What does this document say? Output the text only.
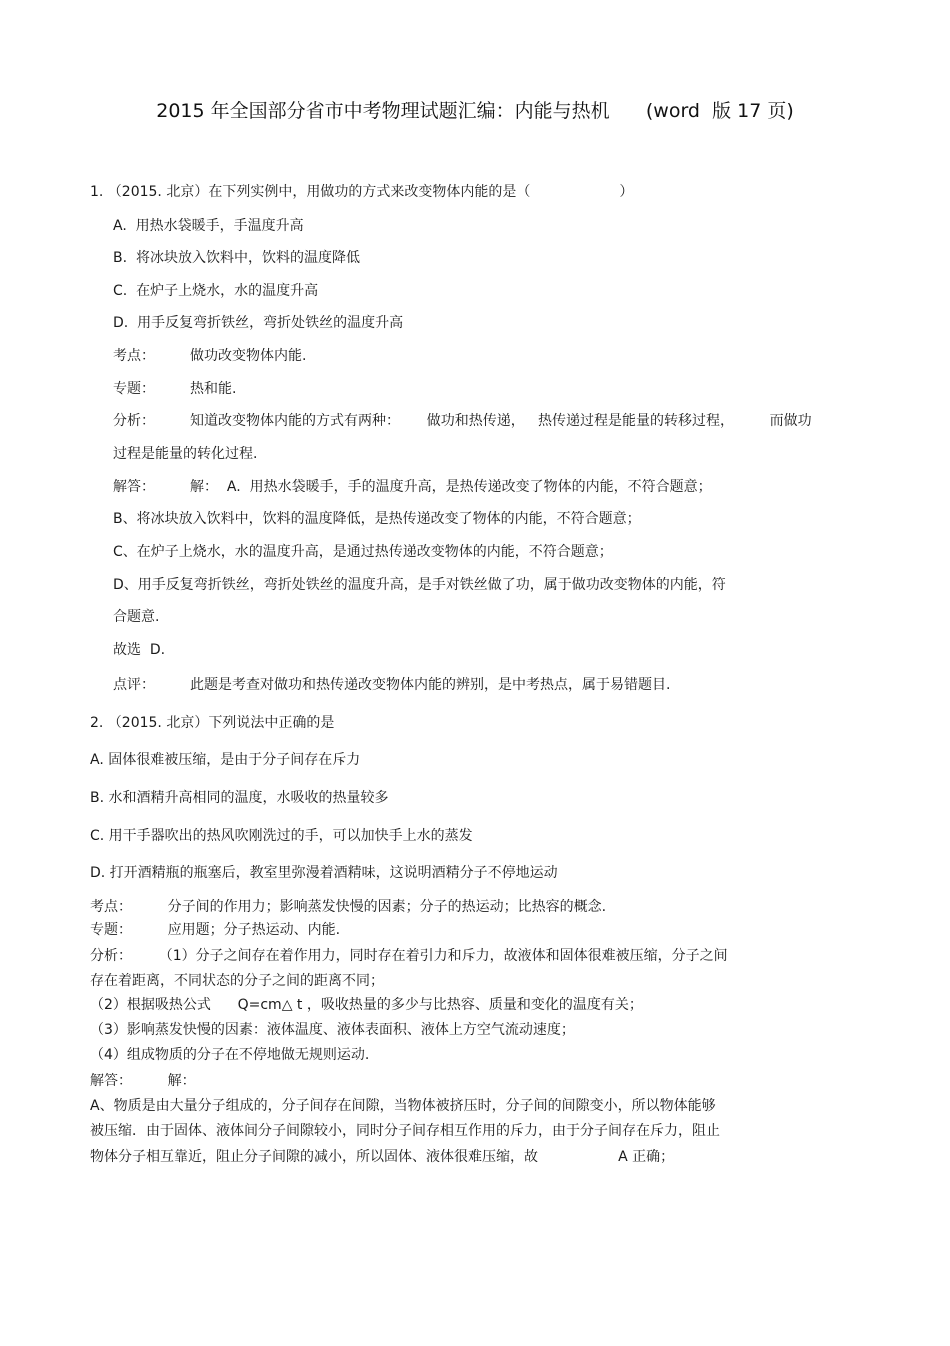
2015 年全国部分省市中考物理试题汇编：内能与热机      (word  版 17 页)
1. （2015. 北京）在下列实例中，用做功的方式来改变物体内能的是（                    ）
A.  用热水袋暖手，手温度升高
B.  将冰块放入饮料中，饮料的温度降低
C.  在炉子上烧水，水的温度升高
D.  用手反复弯折铁丝，弯折处铁丝的温度升高
考点：	做功改变物体内能.
专题：	热和能.
分析：	知道改变物体内能的方式有两种：      做功和热传递，   热传递过程是能量的转移过程，        而做功
过程是能量的转化过程.
解答：	解：  A.  用热水袋暖手，手的温度升高，是热传递改变了物体的内能，不符合题意；
B、将冰块放入饮料中，饮料的温度降低，是热传递改变了物体的内能，不符合题意；
C、在炉子上烧水，水的温度升高，是通过热传递改变物体的内能，不符合题意；
D、用手反复弯折铁丝，弯折处铁丝的温度升高，是手对铁丝做了功，属于做功改变物体的内能，符
合题意.
故选  D.
点评：	此题是考查对做功和热传递改变物体内能的辨别，是中考热点，属于易错题目.
2. （2015. 北京）下列说法中正确的是
A. 固体很难被压缩，是由于分子间存在斥力
B. 水和酒精升高相同的温度，水吸收的热量较多
C. 用干手器吹出的热风吹刚洗过的手，可以加快手上水的蒸发
D. 打开酒精瓶的瓶塞后，教室里弥漫着酒精味，这说明酒精分子不停地运动
考点：        分子间的作用力；影响蒸发快慢的因素；分子的热运动；比热容的概念.
专题：        应用题；分子热运动、内能.
分析：      （1）分子之间存在着作用力，同时存在着引力和斥力，故液体和固体很难被压缩，分子之间
存在着距离，不同状态的分子之间的距离不同；
（2）根据吸热公式      Q=cm△ t ，吸收热量的多少与比热容、质量和变化的温度有关；
（3）影响蒸发快慢的因素：液体温度、液体表面积、液体上方空气流动速度；
（4）组成物质的分子在不停地做无规则运动.
解答：        解：
A、物质是由大量分子组成的，分子间存在间隙，当物体被挤压时，分子间的间隙变小，所以物体能够
被压缩．由于固体、液体间分子间隙较小，同时分子间存相互作用的斥力，由于分子间存在斥力，阻止
物体分子相互靠近，阻止分子间隙的减小，所以固体、液体很难压缩，故                  A 正确；
